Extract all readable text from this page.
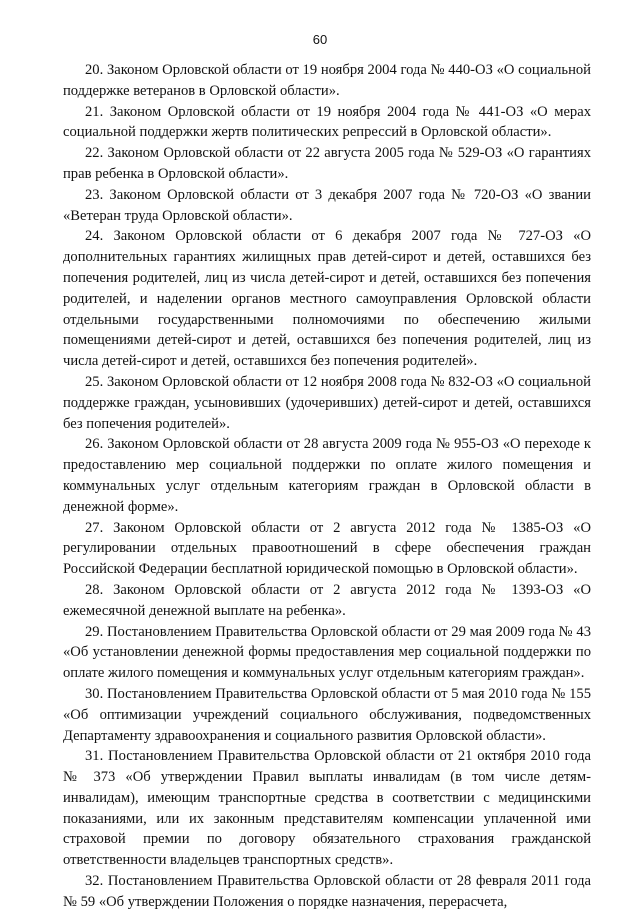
60

20. Законом Орловской области от 19 ноября 2004 года № 440-ОЗ «О социальной поддержке ветеранов в Орловской области».

21. Законом Орловской области от 19 ноября 2004 года № 441-ОЗ «О мерах социальной поддержки жертв политических репрессий в Орловской области».

22. Законом Орловской области от 22 августа 2005 года № 529-ОЗ «О гарантиях прав ребенка в Орловской области».

23. Законом Орловской области от 3 декабря 2007 года № 720-ОЗ «О звании «Ветеран труда Орловской области».

24. Законом Орловской области от 6 декабря 2007 года № 727-ОЗ «О дополнительных гарантиях жилищных прав детей-сирот и детей, оставшихся без попечения родителей, лиц из числа детей-сирот и детей, оставшихся без попечения родителей, и наделении органов местного самоуправления Орловской области отдельными государственными полномочиями по обеспечению жилыми помещениями детей-сирот и детей, оставшихся без попечения родителей, лиц из числа детей-сирот и детей, оставшихся без попечения родителей».

25. Законом Орловской области от 12 ноября 2008 года № 832-ОЗ «О социальной поддержке граждан, усыновивших (удочеривших) детей-сирот и детей, оставшихся без попечения родителей».

26. Законом Орловской области от 28 августа 2009 года № 955-ОЗ «О переходе к предоставлению мер социальной поддержки по оплате жилого помещения и коммунальных услуг отдельным категориям граждан в Орловской области в денежной форме».

27. Законом Орловской области от 2 августа 2012 года № 1385-ОЗ «О регулировании отдельных правоотношений в сфере обеспечения граждан Российской Федерации бесплатной юридической помощью в Орловской области».

28. Законом Орловской области от 2 августа 2012 года № 1393-ОЗ «О ежемесячной денежной выплате на ребенка».

29. Постановлением Правительства Орловской области от 29 мая 2009 года № 43 «Об установлении денежной формы предоставления мер социальной поддержки по оплате жилого помещения и коммунальных услуг отдельным категориям граждан».

30. Постановлением Правительства Орловской области от 5 мая 2010 года № 155 «Об оптимизации учреждений социального обслуживания, подведомственных Департаменту здравоохранения и социального развития Орловской области».

31. Постановлением Правительства Орловской области от 21 октября 2010 года № 373 «Об утверждении Правил выплаты инвалидам (в том числе детям-инвалидам), имеющим транспортные средства в соответствии с медицинскими показаниями, или их законным представителям компенсации уплаченной ими страховой премии по договору обязательного страхования гражданской ответственности владельцев транспортных средств».

32. Постановлением Правительства Орловской области от 28 февраля 2011 года № 59 «Об утверждении Положения о порядке назначения, перерасчета,
